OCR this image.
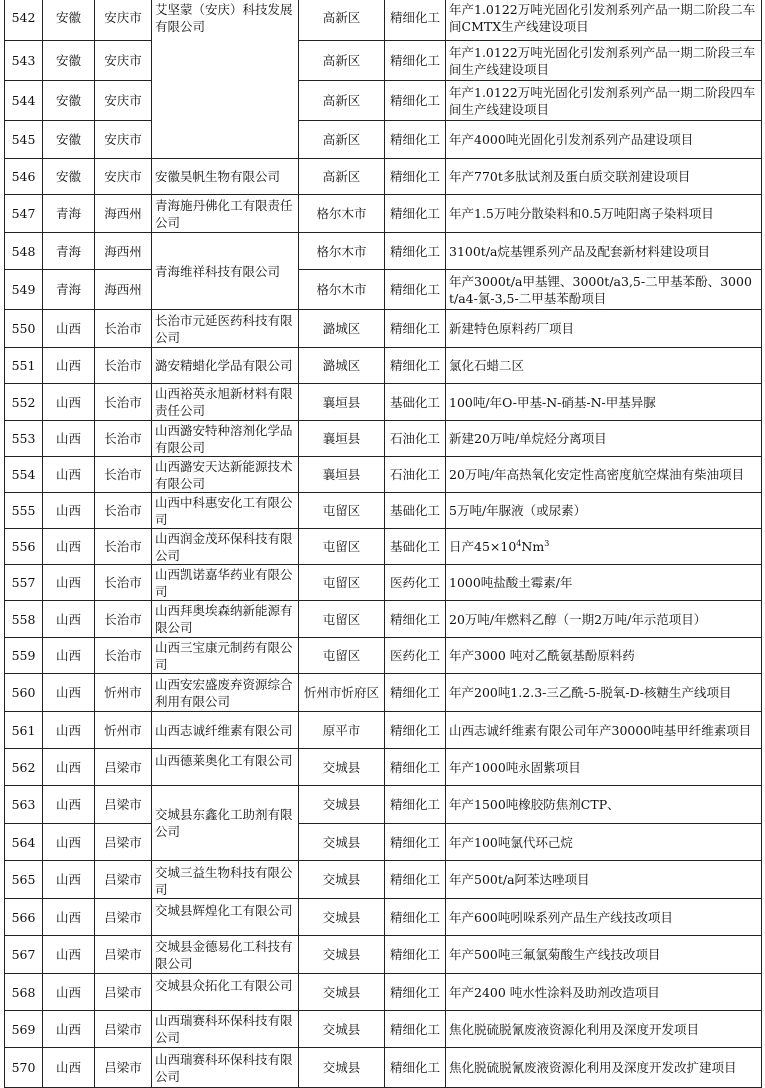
542	安徽	安庆市	艾坚蒙（安庆）科技发展有限公司	高新区	精细化工	年产1.0122万吨光固化引发剂系列产品一期二阶段二车间CMTX生产线建设项目
543	安徽	安庆市		高新区	精细化工	年产1.0122万吨光固化引发剂系列产品一期二阶段三车间生产线建设项目
544	安徽	安庆市		高新区	精细化工	年产1.0122万吨光固化引发剂系列产品一期二阶段四车间生产线建设项目
545	安徽	安庆市		高新区	精细化工	年产4000吨光固化引发剂系列产品建设项目
546	安徽	安庆市	安徽昊帆生物有限公司	高新区	精细化工	年产770t多肽试剂及蛋白质交联剂建设项目
547	青海	海西州	青海施丹佛化工有限责任公司	格尔木市	精细化工	年产1.5万吨分散染料和0.5万吨阳离子染料项目
548	青海	海西州	青海维祥科技有限公司	格尔木市	精细化工	3100t/a烷基锂系列产品及配套新材料建设项目
549	青海	海西州		格尔木市	精细化工	年产3000t/a甲基锂、3000t/a3,5-二甲基苯酚、3000t/a4-氯-3,5-二甲基苯酚项目
550	山西	长治市	长治市元延医药科技有限公司	潞城区	精细化工	新建特色原料药厂项目
551	山西	长治市	潞安精蜡化学品有限公司	潞城区	精细化工	氯化石蜡二区
552	山西	长治市	山西裕英永旭新材料有限责任公司	襄垣县	基础化工	100吨/年O-甲基-N-硝基-N-甲基异脲
553	山西	长治市	山西潞安特种溶剂化学品有限公司	襄垣县	石油化工	新建20万吨/单烷烃分离项目
554	山西	长治市	山西潞安天达新能源技术有限公司	襄垣县	石油化工	20万吨/年高热氧化安定性高密度航空煤油有柴油项目
555	山西	长治市	山西中科惠安化工有限公司	屯留区	基础化工	5万吨/年脲液（或尿素）
556	山西	长治市	山西润金茂环保科技有限公司	屯留区	基础化工	日产$45\times 10^4Nm^3$
557	山西	长治市	山西凯诺嘉华药业有限公司	屯留区	医药化工	1000吨盐酸土霉素/年
558	山西	长治市	山西拜奥埃森纳新能源有限公司	屯留区	精细化工	20万吨/年燃料乙醇（一期2万吨/年示范项目）
559	山西	长治市	山西三宝康元制药有限公司	屯留区	医药化工	年产3000 吨对乙酰氨基酚原料药
560	山西	忻州市	山西安宏盛废弃资源综合利用有限公司	忻州市忻府区	精细化工	年产200吨1.2.3-三乙酰-5-脱氧-D-核糖生产线项目
561	山西	忻州市	山西志诚纤维素有限公司	原平市	精细化工	山西志诚纤维素有限公司年产30000吨基甲纤维素项目
562	山西	吕梁市	山西德莱奥化工有限公司	交城县	精细化工	年产1000吨永固紫项目
563	山西	吕梁市	交城县东鑫化工助剂有限公司	交城县	精细化工	年产1500吨橡胶防焦剂CTP、
564	山西	吕梁市		交城县	精细化工	年产100吨氯代环己烷
565	山西	吕梁市	交城三益生物科技有限公司	交城县	精细化工	年产500t/a阿苯达唑项目
566	山西	吕梁市	交城县辉煌化工有限公司	交城县	精细化工	年产600吨吲哚系列产品生产线技改项目
567	山西	吕梁市	交城县金德易化工科技有限公司	交城县	精细化工	年产500吨三氟氯菊酸生产线技改项目
568	山西	吕梁市	交城县众拓化工有限公司	交城县	精细化工	年产2400 吨水性涂料及助剂改造项目
569	山西	吕梁市	山西瑞赛科环保科技有限公司	交城县	精细化工	焦化脱硫脱氰废液资源化利用及深度开发项目
570	山西	吕梁市	山西瑞赛科环保科技有限公司	交城县	精细化工	焦化脱硫脱氰废液资源化利用及深度开发改扩建项目
